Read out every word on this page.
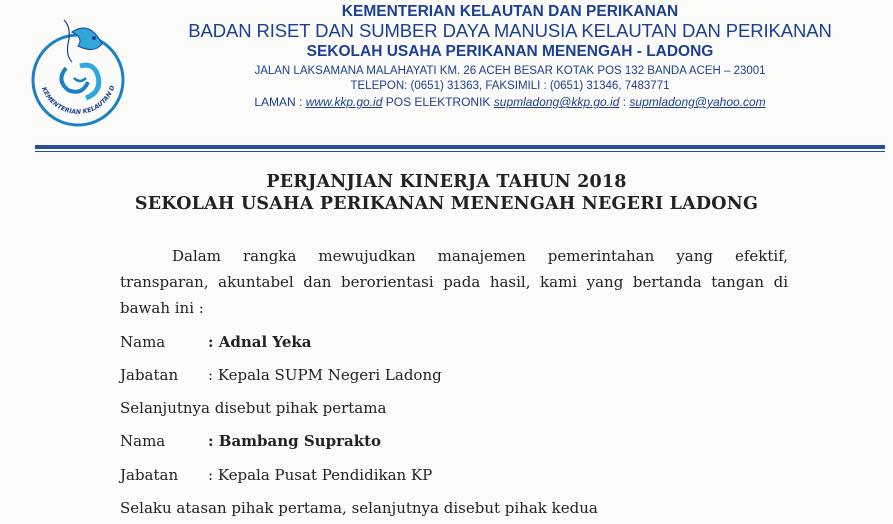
KEMENTERIAN KELAUTAN D
KEMENTERIAN KELAUTAN DAN PERIKANAN
BADAN RISET DAN SUMBER DAYA MANUSIA KELAUTAN DAN PERIKANAN
SEKOLAH USAHA PERIKANAN MENENGAH - LADONG
JALAN LAKSAMANA MALAHAYATI KM. 26 ACEH BESAR KOTAK POS 132 BANDA ACEH – 23001
TELEPON: (0651) 31363, FAKSIMILI : (0651) 31346, 7483771
LAMAN : www.kkp.go.id POS ELEKTRONIK supmladong@kkp.go.id : supmladong@yahoo.com
PERJANJIAN KINERJA TAHUN 2018
SEKOLAH USAHA PERIKANAN MENENGAH NEGERI LADONG
Dalam rangka mewujudkan manajemen pemerintahan yang efektif,
transparan, akuntabel dan berorientasi pada hasil, kami yang bertanda tangan di
bawah ini :
Nama	: Adnal Yeka
Jabatan : Kepala SUPM Negeri Ladong
Selanjutnya disebut pihak pertama
Nama	: Bambang Suprakto
Jabatan : Kepala Pusat Pendidikan KP
Selaku atasan pihak pertama, selanjutnya disebut pihak kedua
